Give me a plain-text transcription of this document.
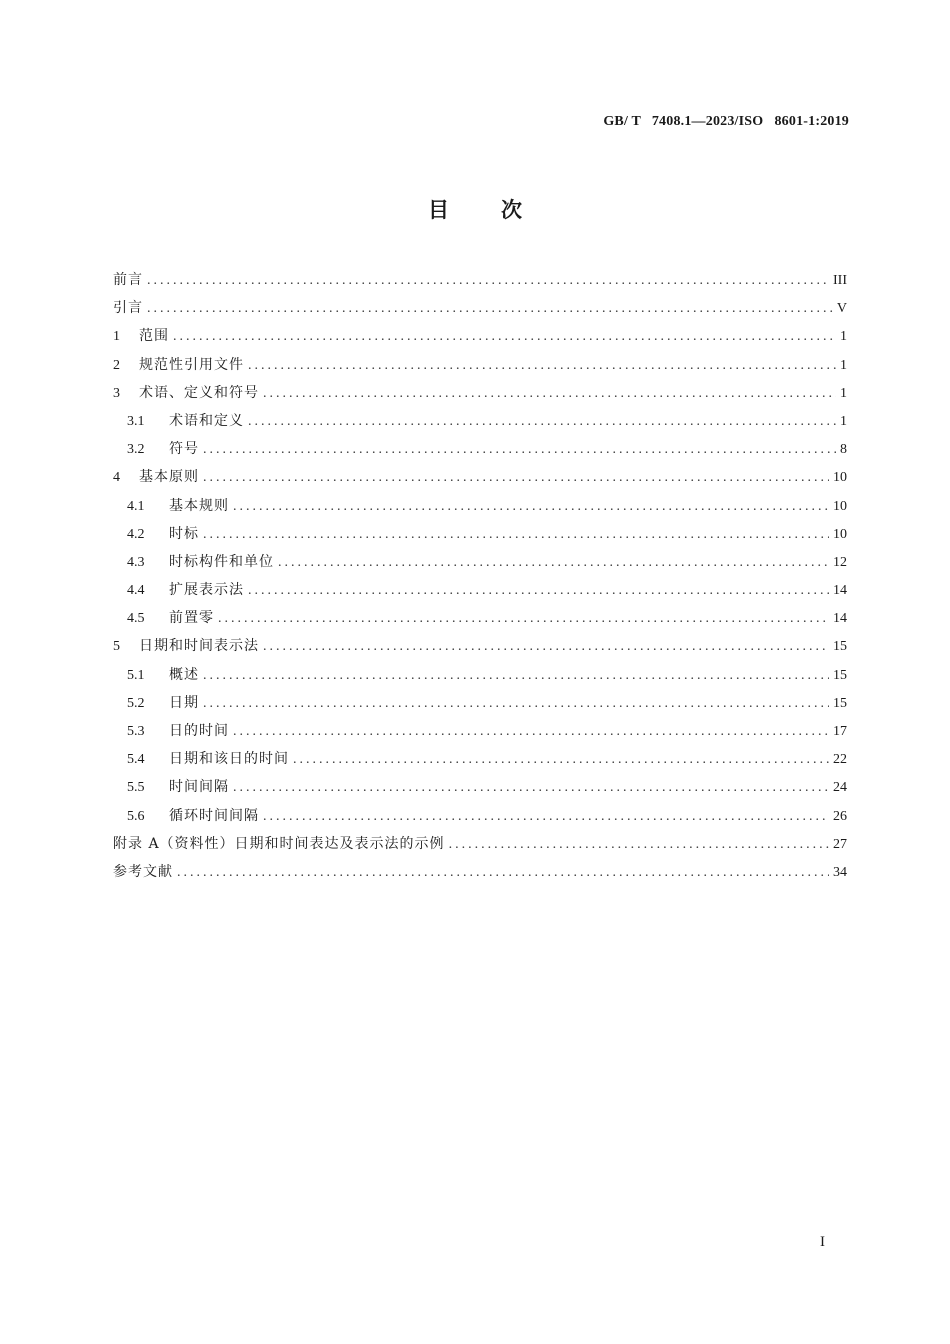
GB/ T   7408.1—2023/ISO   8601-1:2019
目次
前言 .....	III
引言 .....	V
1	范围 .....	1
2	规范性引用文件 .....	1
3	术语、定义和符号 .....	1
3.1	术语和定义 .....	1
3.2	符号 .....	8
4	基本原则 .....	10
4.1	基本规则 .....	10
4.2	时标 .....	10
4.3	时标构件和单位 .....	12
4.4	扩展表示法 .....	14
4.5	前置零 .....	14
5	日期和时间表示法 .....	15
5.1	概述 .....	15
5.2	日期 .....	15
5.3	日的时间 .....	17
5.4	日期和该日的时间 .....	22
5.5	时间间隔 .....	24
5.6	循环时间间隔 .....	26
附录 A（资料性）日期和时间表达及表示法的示例 .....	27
参考文献 .....	34
I
